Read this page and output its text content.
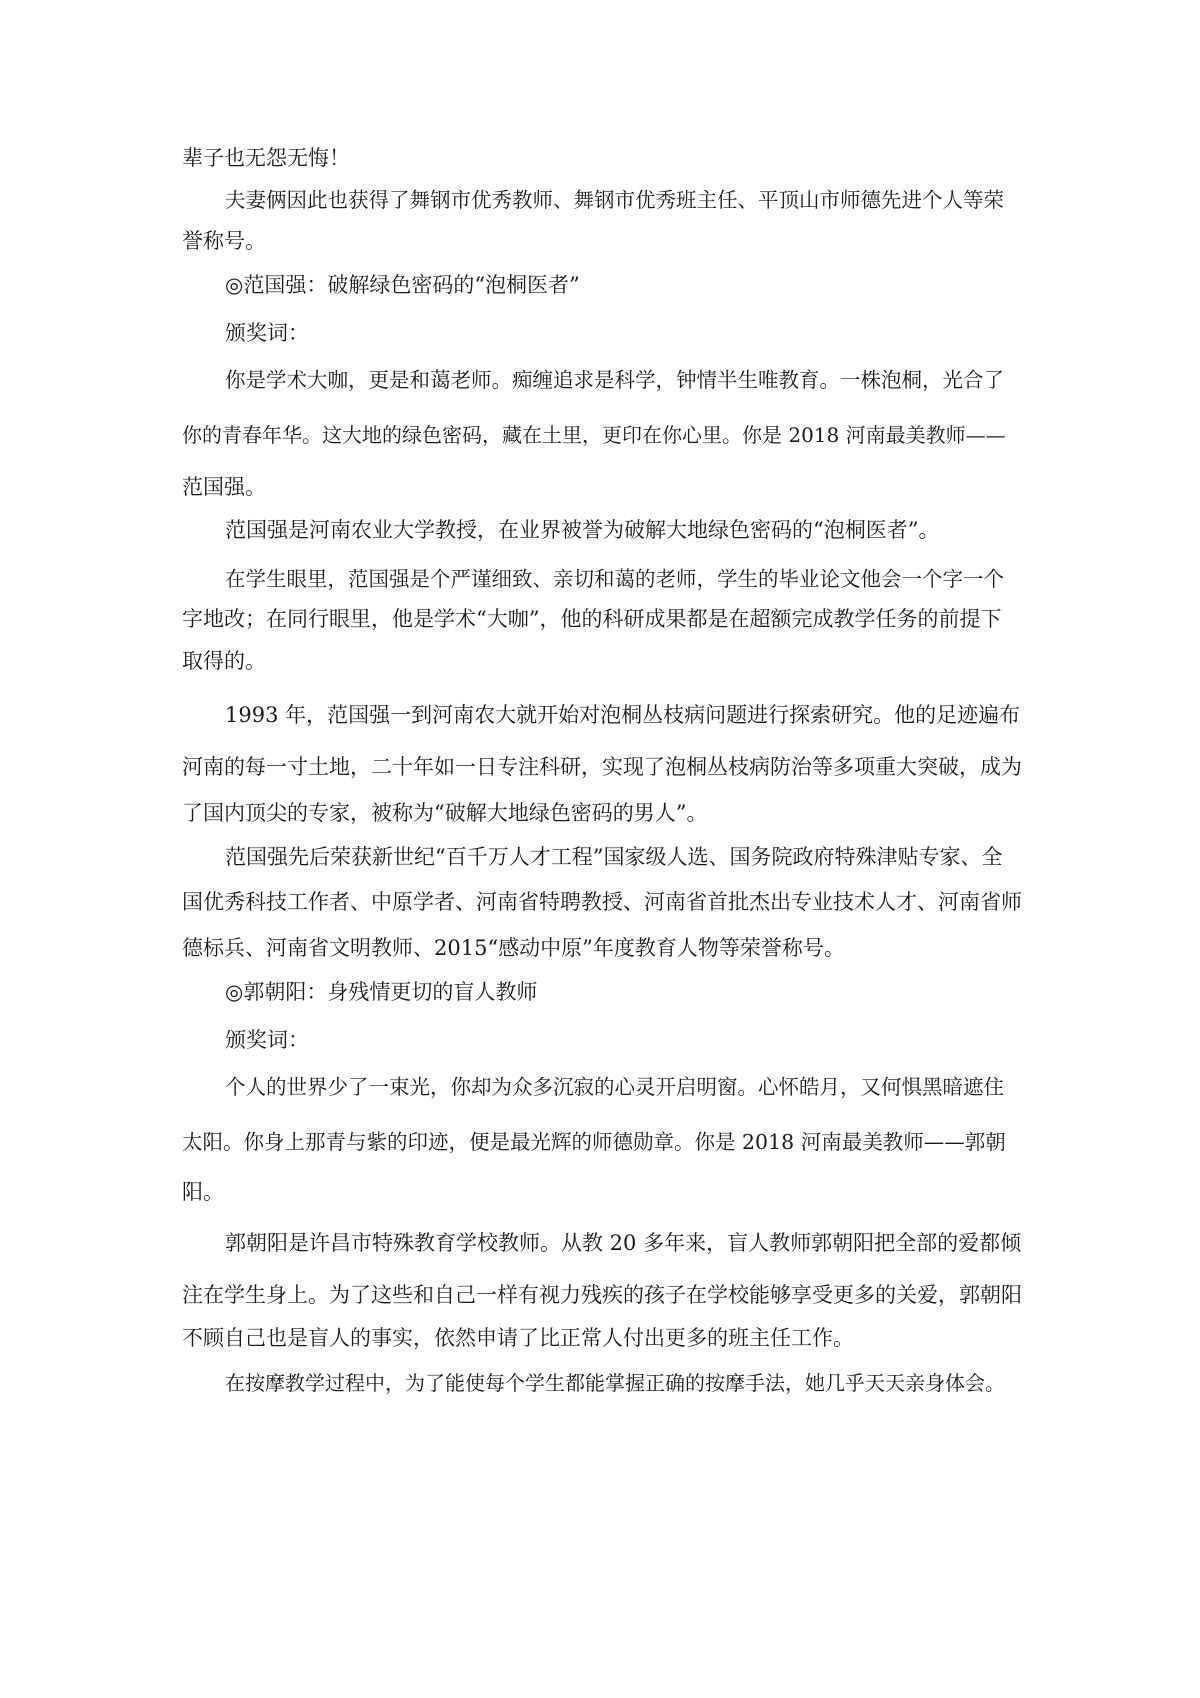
辈子也无怨无悔！
夫妻俩因此也获得了舞钢市优秀教师、舞钢市优秀班主任、平顶山市师德先进个人等荣
誉称号。
◎范国强：破解绿色密码的“泡桐医者”
颁奖词：
你是学术大咖，更是和蔼老师。痴缠追求是科学，钟情半生唯教育。一株泡桐，光合了
你的青春年华。这大地的绿色密码，藏在土里，更印在你心里。你是 2018 河南最美教师——
范国强。
范国强是河南农业大学教授，在业界被誉为破解大地绿色密码的“泡桐医者”。
在学生眼里，范国强是个严谨细致、亲切和蔼的老师，学生的毕业论文他会一个字一个
字地改；在同行眼里，他是学术“大咖”，他的科研成果都是在超额完成教学任务的前提下
取得的。
1993 年，范国强一到河南农大就开始对泡桐丛枝病问题进行探索研究。他的足迹遍布
河南的每一寸土地，二十年如一日专注科研，实现了泡桐丛枝病防治等多项重大突破，成为
了国内顶尖的专家，被称为“破解大地绿色密码的男人”。
范国强先后荣获新世纪“百千万人才工程”国家级人选、国务院政府特殊津贴专家、全
国优秀科技工作者、中原学者、河南省特聘教授、河南省首批杰出专业技术人才、河南省师
德标兵、河南省文明教师、2015“感动中原”年度教育人物等荣誉称号。
◎郭朝阳：身残情更切的盲人教师
颁奖词：
个人的世界少了一束光，你却为众多沉寂的心灵开启明窗。心怀皓月，又何惧黑暗遮住
太阳。你身上那青与紫的印迹，便是最光辉的师德勋章。你是 2018 河南最美教师——郭朝
阳。
郭朝阳是许昌市特殊教育学校教师。从教 20 多年来，盲人教师郭朝阳把全部的爱都倾
注在学生身上。为了这些和自己一样有视力残疾的孩子在学校能够享受更多的关爱，郭朝阳
不顾自己也是盲人的事实，依然申请了比正常人付出更多的班主任工作。
在按摩教学过程中，为了能使每个学生都能掌握正确的按摩手法，她几乎天天亲身体会。
